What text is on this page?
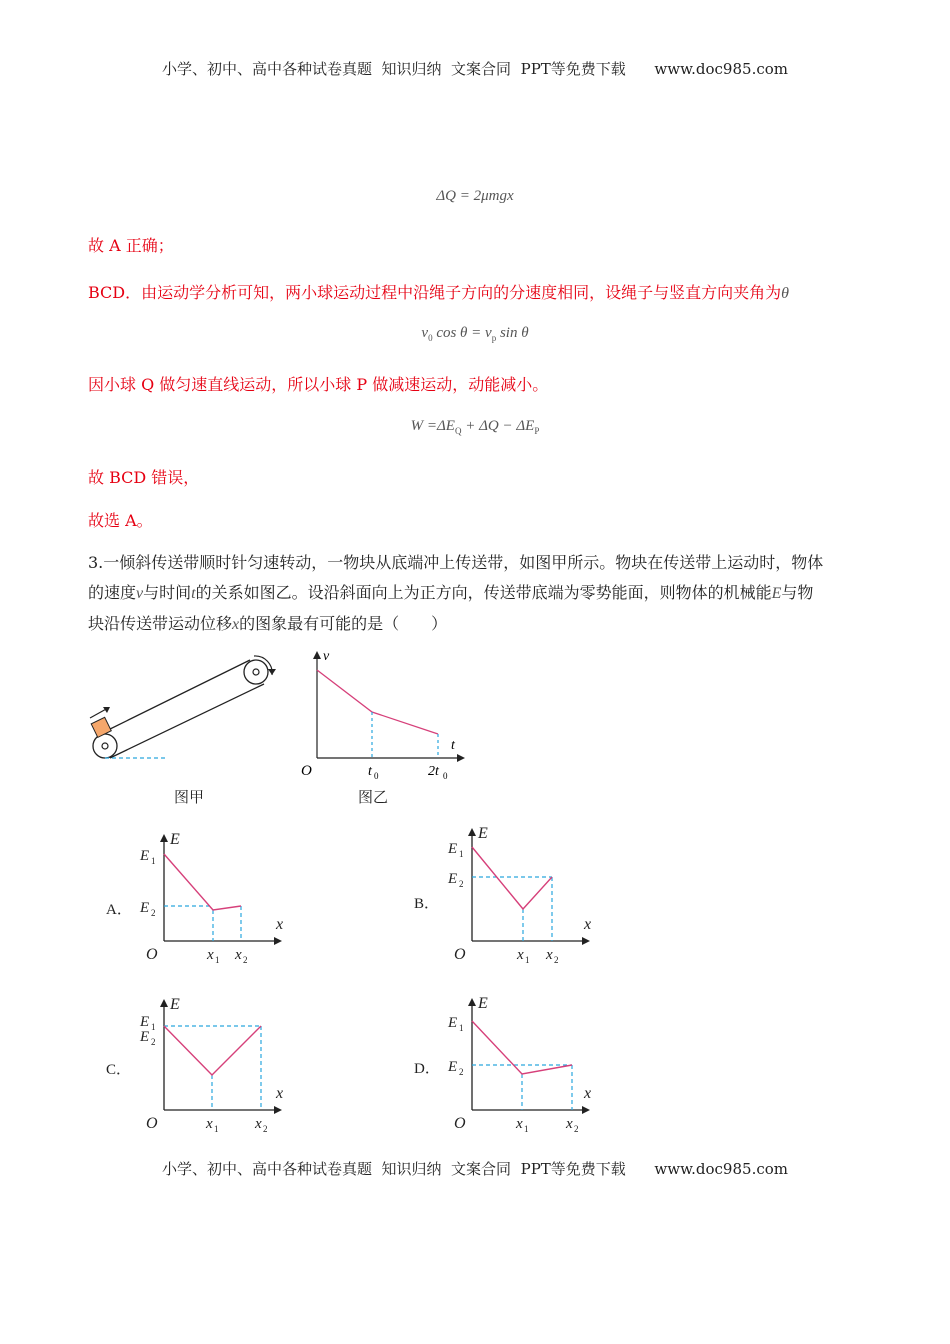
小学、初中、高中各种试卷真题  知识归纳  文案合同  PPT等免费下载      www.doc985.com
ΔQ = 2μmgx
故 A 正确；
BCD．由运动学分析可知，两小球运动过程中沿绳子方向的分速度相同，设绳子与竖直方向夹角为θ
$v_0$ $\cos \theta = v_p$ sin θ
因小球 Q 做匀速直线运动，所以小球 P 做减速运动，动能减小。
$W =\Delta E_Q + \Delta Q - \Delta E_P$
故 BCD 错误，
故选 A。
3.一倾斜传送带顺时针匀速转动，一物块从底端冲上传送带，如图甲所示。物块在传送带上运动时，物体
的速度v与时间t的关系如图乙。设沿斜面向上为正方向，传送带底端为零势能面，则物体的机械能E与物
块沿传送带运动位移x的图象最有可能的是（　　）
图甲
v
t
O	t 0	2t 0
图乙
A．
E
E 1
E 2
x
O	x 1 x 2
B．
E
E 1
E 2
x
O	x 1 x 2
C．
E
E 1
E 2
x
O	x 1 x 2
D．
E
E 1
E 2
x
O	x 1	x 2
小学、初中、高中各种试卷真题  知识归纳  文案合同  PPT等免费下载      www.doc985.com
